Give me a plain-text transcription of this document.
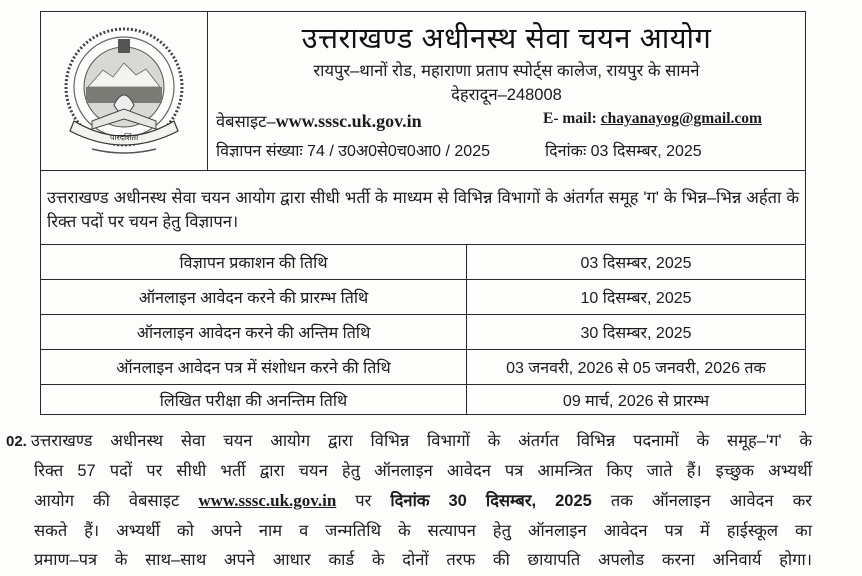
पारदर्शिता
उत्तराखण्ड अधीनस्थ सेवा चयन आयोग
रायपुर–थानों रोड, महाराणा प्रताप स्पोर्ट्स कालेज, रायपुर के सामने
देहरादून–248008
वेबसाइट–www.sssc.uk.gov.in	E- mail: chayanayog@gmail.com
विज्ञापन संख्याः 74 / उ0अ0से0च0आ0 / 2025	दिनांकः 03 दिसम्बर, 2025
उत्तराखण्ड अधीनस्थ सेवा चयन आयोग द्वारा सीधी भर्ती के माध्यम से विभिन्न विभागों के अंतर्गत समूह 'ग' के भिन्न–भिन्न अर्हता के रिक्त पदों पर चयन हेतु विज्ञापन।
विज्ञापन प्रकाशन की तिथि	03 दिसम्बर, 2025
ऑनलाइन आवेदन करने की प्रारम्भ तिथि	10 दिसम्बर, 2025
ऑनलाइन आवेदन करने की अन्तिम तिथि	30 दिसम्बर, 2025
ऑनलाइन आवेदन पत्र में संशोधन करने की तिथि	03 जनवरी, 2026 से 05 जनवरी, 2026 तक
लिखित परीक्षा की अनन्तिम तिथि	09 मार्च, 2026 से प्रारम्भ
02. उत्तराखण्ड अधीनस्थ सेवा चयन आयोग द्वारा विभिन्न विभागों के अंतर्गत विभिन्न पदनामों के समूह–'ग' के
रिक्त 57 पदों पर सीधी भर्ती द्वारा चयन हेतु ऑनलाइन आवेदन पत्र आमन्त्रित किए जाते हैं। इच्छुक अभ्यर्थी
आयोग की वेबसाइट www.sssc.uk.gov.in पर दिनांक 30 दिसम्बर, 2025 तक ऑनलाइन आवेदन कर
सकते हैं। अभ्यर्थी को अपने नाम व जन्मतिथि के सत्यापन हेतु ऑनलाइन आवेदन पत्र में हाईस्कूल का
प्रमाण–पत्र के साथ–साथ अपने आधार कार्ड के दोनों तरफ की छायापति अपलोड करना अनिवार्य होगा।
